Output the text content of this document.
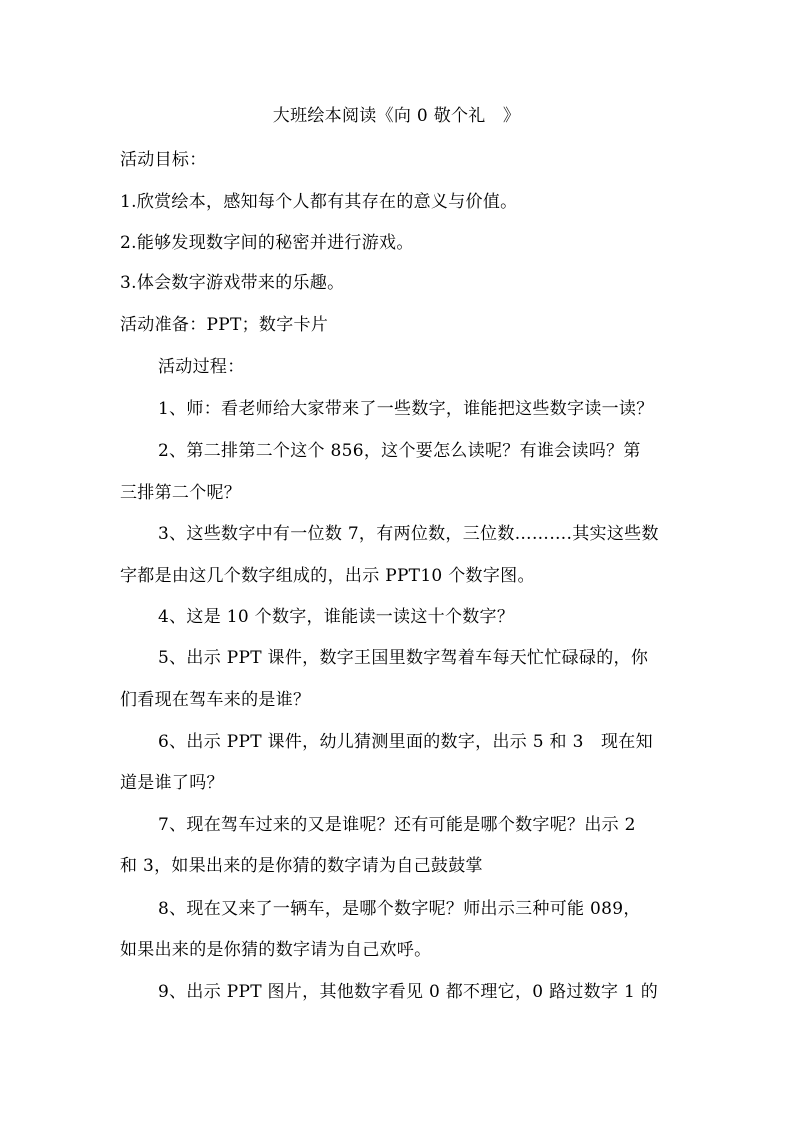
大班绘本阅读《向 0 敬个礼　》
活动目标：
1.欣赏绘本，感知每个人都有其存在的意义与价值。
2.能够发现数字间的秘密并进行游戏。
3.体会数字游戏带来的乐趣。
活动准备：PPT；数字卡片
活动过程：
1、师：看老师给大家带来了一些数字，谁能把这些数字读一读？
2、第二排第二个这个 856，这个要怎么读呢？有谁会读吗？第
三排第二个呢？
3、这些数字中有一位数 7，有两位数，三位数……….其实这些数
字都是由这几个数字组成的，出示 PPT10 个数字图。
4、这是 10 个数字，谁能读一读这十个数字？
5、出示 PPT 课件，数字王国里数字驾着车每天忙忙碌碌的，你
们看现在驾车来的是谁？
6、出示 PPT 课件，幼儿猜测里面的数字，出示 5 和 3　现在知
道是谁了吗？
7、现在驾车过来的又是谁呢？还有可能是哪个数字呢？出示 2
和 3，如果出来的是你猜的数字请为自己鼓鼓掌
8、现在又来了一辆车，是哪个数字呢？师出示三种可能 089，
如果出来的是你猜的数字请为自己欢呼。
9、出示 PPT 图片，其他数字看见 0 都不理它，0 路过数字 1 的
